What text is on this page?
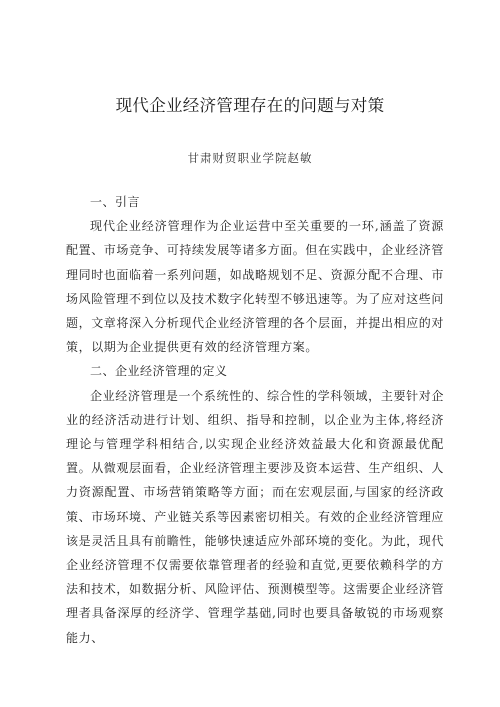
现代企业经济管理存在的问题与对策
甘肃财贸职业学院赵敏

一、引言

现代企业经济管理作为企业运营中至关重要的一环,涵盖了资源配置、市场竞争、可持续发展等诸多方面。但在实践中，企业经济管理同时也面临着一系列问题，如战略规划不足、资源分配不合理、市场风险管理不到位以及技术数字化转型不够迅速等。为了应对这些问题，文章将深入分析现代企业经济管理的各个层面，并提出相应的对策，以期为企业提供更有效的经济管理方案。

二、企业经济管理的定义

企业经济管理是一个系统性的、综合性的学科领域，主要针对企业的经济活动进行计划、组织、指导和控制，以企业为主体,将经济理论与管理学科相结合,以实现企业经济效益最大化和资源最优配置。从微观层面看，企业经济管理主要涉及资本运营、生产组织、人力资源配置、市场营销策略等方面；而在宏观层面,与国家的经济政策、市场环境、产业链关系等因素密切相关。有效的企业经济管理应该是灵活且具有前瞻性，能够快速适应外部环境的变化。为此，现代企业经济管理不仅需要依靠管理者的经验和直觉,更要依赖科学的方法和技术，如数据分析、风险评估、预测模型等。这需要企业经济管理者具备深厚的经济学、管理学基础,同时也要具备敏锐的市场观察能力、
